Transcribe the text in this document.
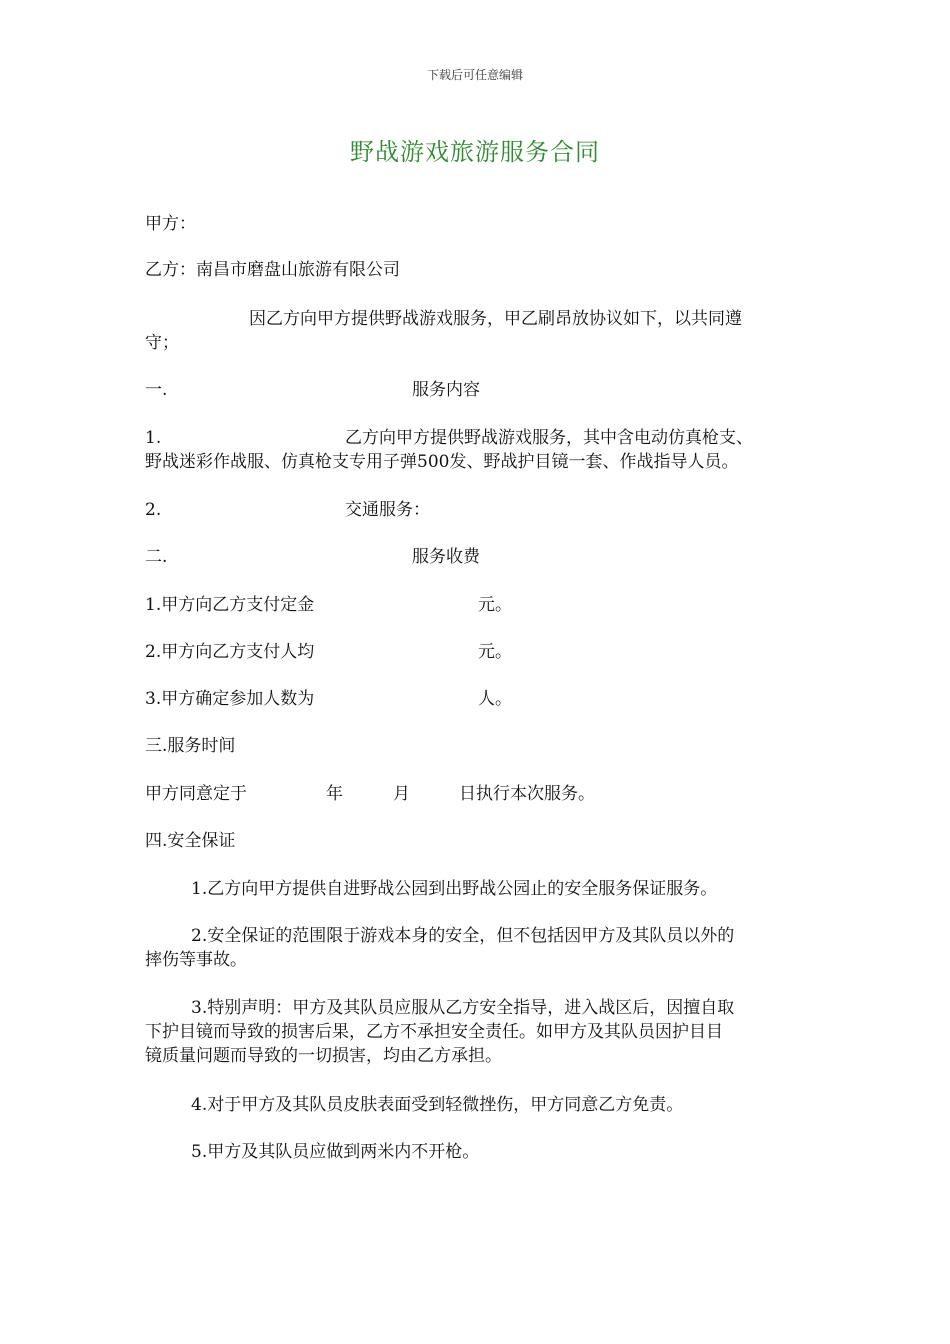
下载后可任意编辑
野战游戏旅游服务合同
甲方：
乙方：南昌市磨盘山旅游有限公司
因乙方向甲方提供野战游戏服务，甲乙刷昂放协议如下，以共同遵
守；
一.	服务内容
1.	乙方向甲方提供野战游戏服务，其中含电动仿真枪支、
野战迷彩作战服、仿真枪支专用子弹500发、野战护目镜一套、作战指导人员。
2.	交通服务：
二.	服务收费
1.甲方向乙方支付定金	元。
2.甲方向乙方支付人均	元。
3.甲方确定参加人数为	人。
三.服务时间
甲方同意定于	年	月	日执行本次服务。
四.安全保证
1.乙方向甲方提供自进野战公园到出野战公园止的安全服务保证服务。
2.安全保证的范围限于游戏本身的安全，但不包括因甲方及其队员以外的
摔伤等事故。
3.特别声明：甲方及其队员应服从乙方安全指导，进入战区后，因擅自取
下护目镜而导致的损害后果，乙方不承担安全责任。如甲方及其队员因护目目
镜质量问题而导致的一切损害，均由乙方承担。
4.对于甲方及其队员皮肤表面受到轻微挫伤，甲方同意乙方免责。
5.甲方及其队员应做到两米内不开枪。
